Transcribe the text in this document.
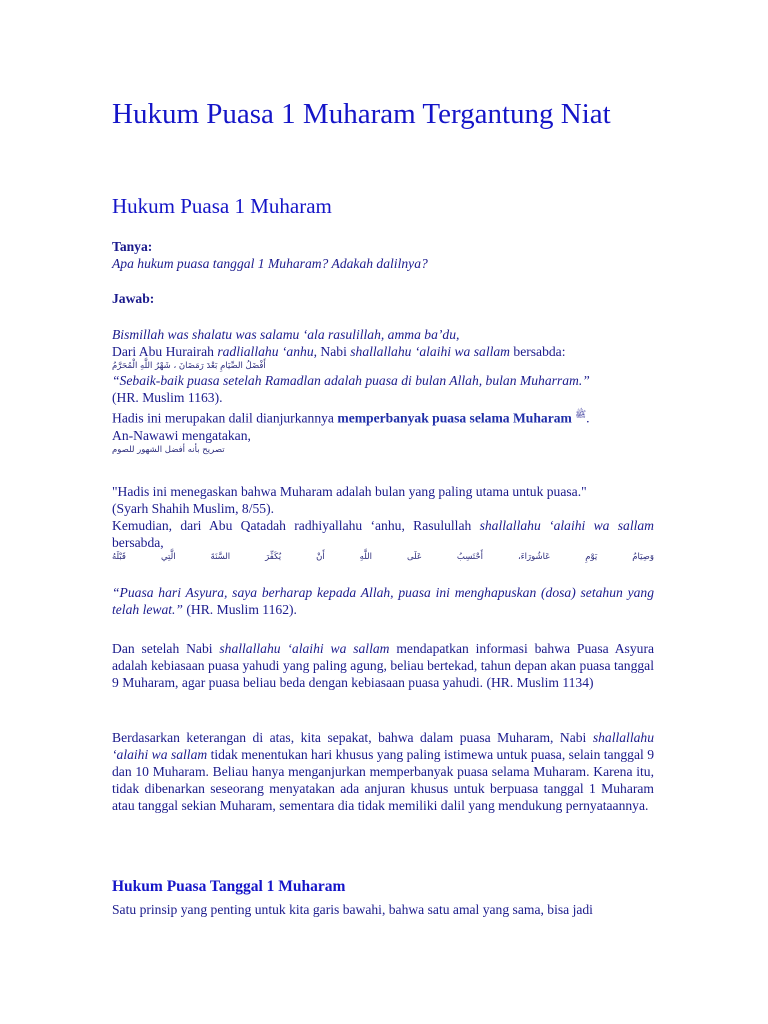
Hukum Puasa 1 Muharam Tergantung Niat
Hukum Puasa 1 Muharam

Tanya:

Apa hukum puasa tanggal 1 Muharam? Adakah dalilnya?

Jawab:

Bismillah was shalatu was salamu ‘ala rasulillah, amma ba’du,

Dari Abu Hurairah radliallahu ‘anhu, Nabi shallallahu ‘alaihi wa sallam bersabda:

أَفْضَلُ الصِّيَامِ بَعْدَ رَمَضَانَ ، شَهْرُ اللَّهِ الْمُحَرَّمُ

“Sebaik-baik puasa setelah Ramadlan adalah puasa di bulan Allah, bulan Muharram.”

(HR. Muslim 1163).

Hadis ini merupakan dalil dianjurkannya memperbanyak puasa selama Muharam $^ﷺ$.

An-Nawawi mengatakan,

تصريح بأنه أفضل الشهور للصوم

"Hadis ini menegaskan bahwa Muharam adalah bulan yang paling utama untuk puasa."

(Syarh Shahih Muslim, 8/55).

Kemudian, dari Abu Qatadah radhiyallahu ‘anhu, Rasulullah shallallahu ‘alaihi wa sallam bersabda,

وَصِيَامُ يَوْمِ عَاشُورَاءَ، أَحْتَسِبُ عَلَى اللَّهِ أَنْ يُكَفِّرَ السَّنَةَ الَّتِي قَبْلَهُ

“Puasa hari Asyura, saya berharap kepada Allah, puasa ini menghapuskan (dosa) setahun yang telah lewat.” (HR. Muslim 1162).

Dan setelah Nabi shallallahu ‘alaihi wa sallam mendapatkan informasi bahwa Puasa Asyura adalah kebiasaan puasa yahudi yang paling agung, beliau bertekad, tahun depan akan puasa tanggal 9 Muharam, agar puasa beliau beda dengan kebiasaan puasa yahudi. (HR. Muslim 1134)

Berdasarkan keterangan di atas, kita sepakat, bahwa dalam puasa Muharam, Nabi shallallahu ‘alaihi wa sallam tidak menentukan hari khusus yang paling istimewa untuk puasa, selain tanggal 9 dan 10 Muharam. Beliau hanya menganjurkan memperbanyak puasa selama Muharam. Karena itu, tidak dibenarkan seseorang menyatakan ada anjuran khusus untuk berpuasa tanggal 1 Muharam atau tanggal sekian Muharam, sementara dia tidak memiliki dalil yang mendukung pernyataannya.

Hukum Puasa Tanggal 1 Muharam

Satu prinsip yang penting untuk kita garis bawahi, bahwa satu amal yang sama, bisa jadi
